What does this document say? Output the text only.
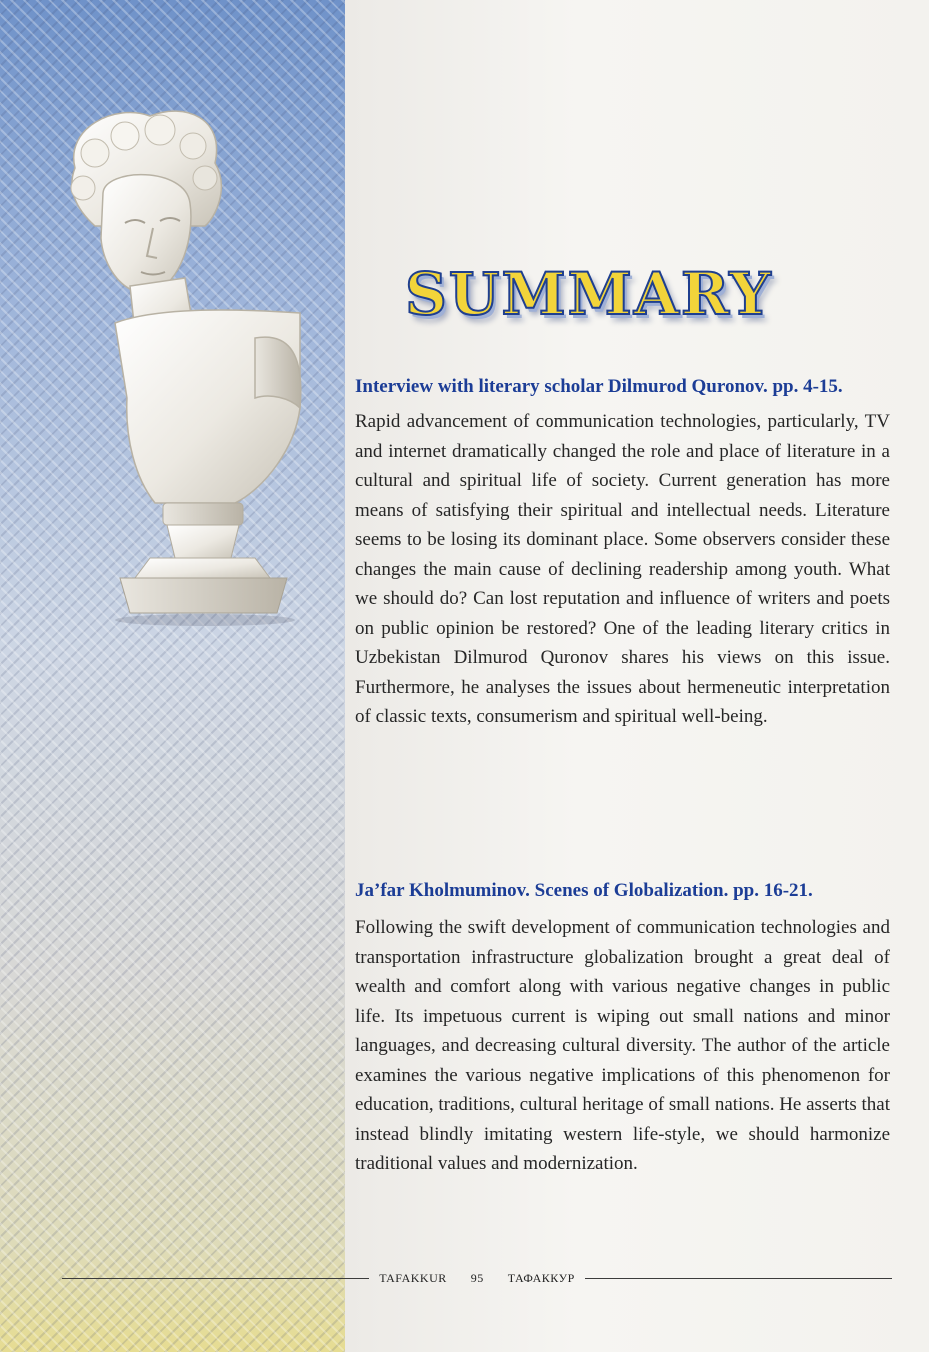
SUMMARY
Interview with literary scholar Dilmurod Quronov. pp. 4-15.

Rapid advancement of communication technologies, particularly, TV and internet dramatically changed the role and place of literature in a cultural and spiritual life of society. Current generation has more means of satisfying their spiritual and intellectual needs. Literature seems to be losing its dominant place. Some observers consider these changes the main cause of declining readership among youth. What we should do? Can lost reputation and influence of writers and poets on public opinion be restored? One of the leading literary critics in Uzbekistan Dilmurod Quronov shares his views on this issue. Furthermore, he analyses the issues about hermeneutic interpretation of classic texts, consumerism and spiritual well-being.

Ja’far Kholmuminov. Scenes of Globalization. pp. 16-21.

Following the swift development of communication technologies and transportation infrastructure globalization brought a great deal of wealth and comfort along with various negative changes in public life. Its impetuous current is wiping out small nations and minor languages, and decreasing cultural diversity. The author of the article examines the various negative implications of this phenomenon for education, traditions, cultural heritage of small nations. He asserts that instead blindly imitating western life-style, we should harmonize traditional values and modernization.

TAFAKKUR	95	ТАФАККУР
